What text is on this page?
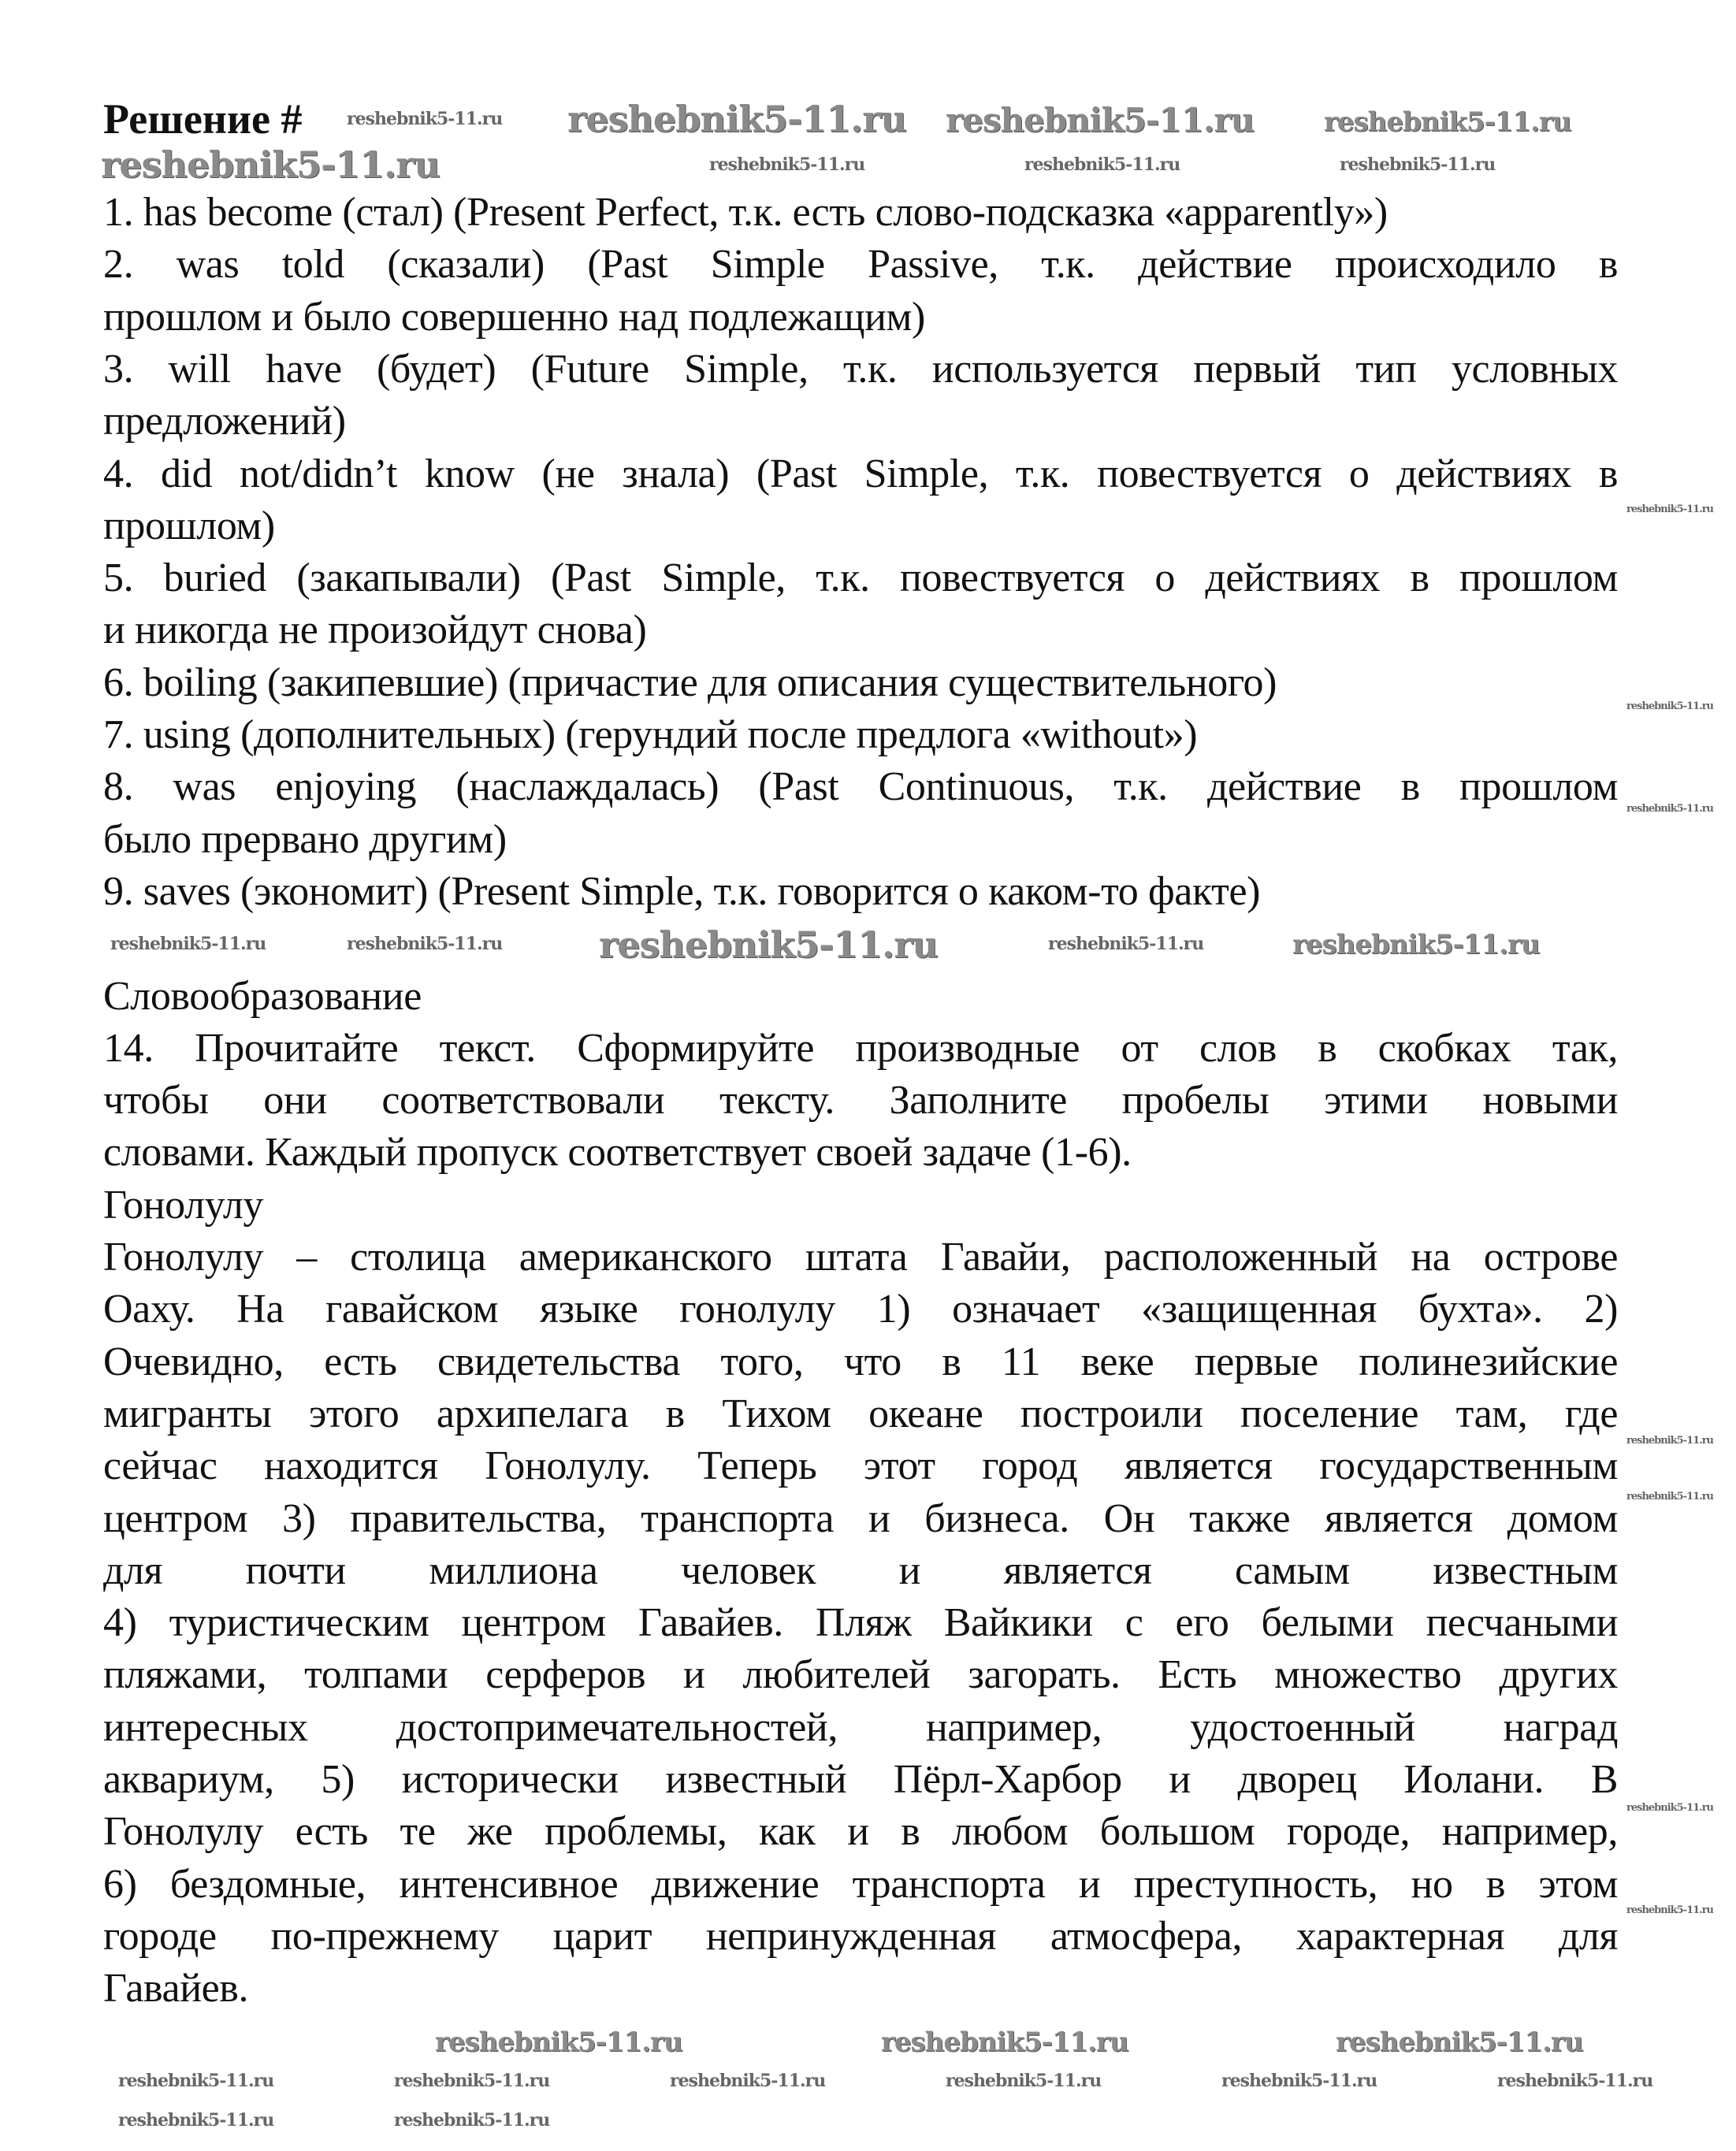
Решение #
1. has become (стал) (Present Perfect, т.к. есть слово-подсказка «apparently»)
2. was told (сказали) (Past Simple Passive, т.к. действие происходило в
прошлом и было совершенно над подлежащим)
3. will have (будет) (Future Simple, т.к. используется первый тип условных
предложений)
4. did not/didn’t know (не знала) (Past Simple, т.к. повествуется о действиях в
прошлом)
5. buried (закапывали) (Past Simple, т.к. повествуется о действиях в прошлом
и никогда не произойдут снова)
6. boiling (закипевшие) (причастие для описания существительного)
7. using (дополнительных) (герундий после предлога «without»)
8. was enjoying (наслаждалась) (Past Continuous, т.к. действие в прошлом
было прервано другим)
9. saves (экономит) (Present Simple, т.к. говорится о каком-то факте)
Словообразование
14. Прочитайте текст. Сформируйте производные от слов в скобках так,
чтобы они соответствовали тексту. Заполните пробелы этими новыми
словами. Каждый пропуск соответствует своей задаче (1-6).
Гонолулу
Гонолулу – столица американского штата Гавайи, расположенный на острове
Оаху. На гавайском языке гонолулу 1) означает «защищенная бухта». 2)
Очевидно, есть свидетельства того, что в 11 веке первые полинезийские
мигранты этого архипелага в Тихом океане построили поселение там, где
сейчас находится Гонолулу. Теперь этот город является государственным
центром 3) правительства, транспорта и бизнеса. Он также является домом
для почти миллиона человек и является самым известным
4) туристическим центром Гавайев. Пляж Вайкики с его белыми песчаными
пляжами, толпами серферов и любителей загорать. Есть множество других
интересных достопримечательностей, например, удостоенный наград
аквариум, 5) исторически известный Пёрл-Харбор и дворец Иолани. В
Гонолулу есть те же проблемы, как и в любом большом городе, например,
6) бездомные, интенсивное движение транспорта и преступность, но в этом
городе по-прежнему царит непринужденная атмосфера, характерная для
Гавайев.
reshebnik5-11.ru reshebnik5-11.ru reshebnik5-11.ru	reshebnik5-11.ru
reshebnik5-11.ru	reshebnik5-11.ru	reshebnik5-11.ru	reshebnik5-11.ru
reshebnik5-11.ru	reshebnik5-11.ru	reshebnik5-11.ru	reshebnik5-11.ru	reshebnik5-11.ru
reshebnik5-11.ru
reshebnik5-11.ru
reshebnik5-11.ru
reshebnik5-11.ru
reshebnik5-11.ru
reshebnik5-11.ru
reshebnik5-11.ru
reshebnik5-11.ru	reshebnik5-11.ru	reshebnik5-11.ru
reshebnik5-11.ru	reshebnik5-11.ru	reshebnik5-11.ru	reshebnik5-11.ru	reshebnik5-11.ru	reshebnik5-11.ru
reshebnik5-11.ru	reshebnik5-11.ru
